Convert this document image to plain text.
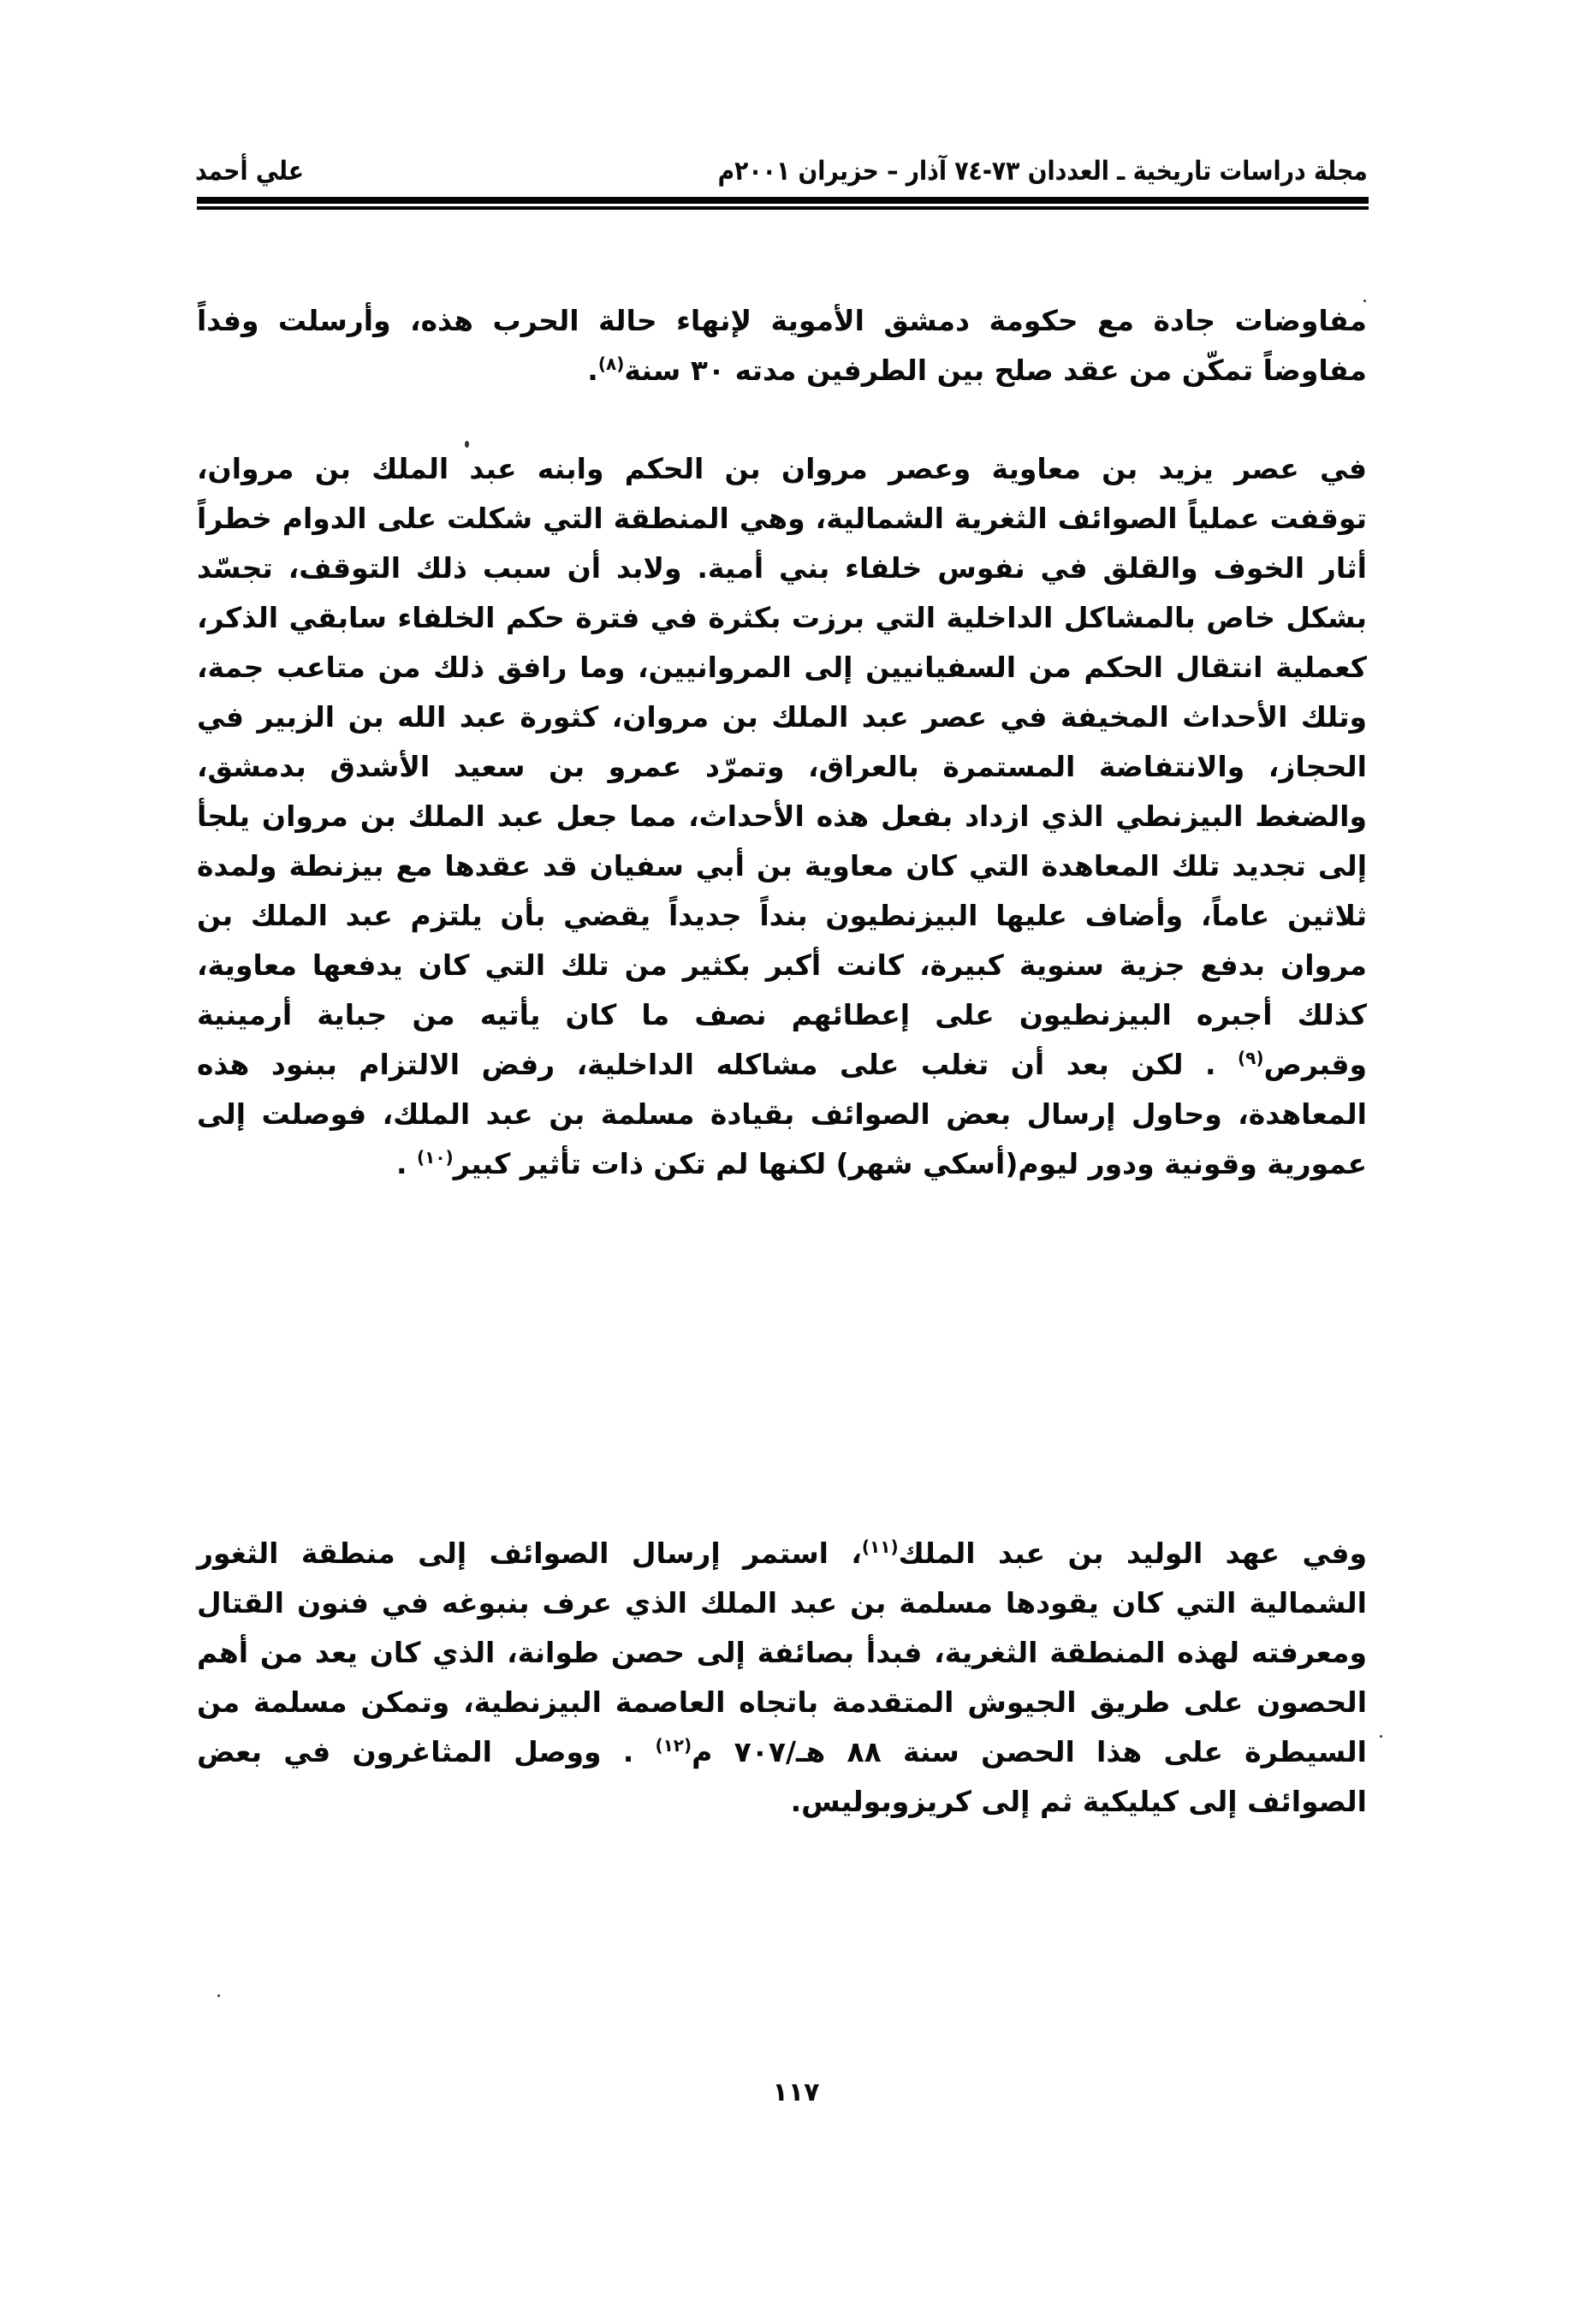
مجلة دراسات تاريخية ـ العددان ٧٣-٧٤ آذار – حزيران ٢٠٠١م
علي أحمد
مفاوضات جادة مع حكومة دمشق الأموية لإنهاء حالة الحرب هذه، وأرسلت وفداً
مفاوضاً تمكّن من عقد صلح بين الطرفين مدته ٣٠ سنة$^{(٨)}$.
في عصر يزيد بن معاوية وعصر مروان بن الحكم وابنه عبد الملك بن مروان،
توقفت عملياً الصوائف الثغرية الشمالية، وهي المنطقة التي شكلت على الدوام خطراً
أثار الخوف والقلق في نفوس خلفاء بني أمية. ولابد أن سبب ذلك التوقف، تجسّد
بشكل خاص بالمشاكل الداخلية التي برزت بكثرة في فترة حكم الخلفاء سابقي الذكر،
كعملية انتقال الحكم من السفيانيين إلى المروانيين، وما رافق ذلك من متاعب جمة،
وتلك الأحداث المخيفة في عصر عبد الملك بن مروان، كثورة عبد الله بن الزبير في
الحجاز، والانتفاضة المستمرة بالعراق، وتمرّد عمرو بن سعيد الأشدق بدمشق،
والضغط البيزنطي الذي ازداد بفعل هذه الأحداث، مما جعل عبد الملك بن مروان يلجأ
إلى تجديد تلك المعاهدة التي كان معاوية بن أبي سفيان قد عقدها مع بيزنطة ولمدة
ثلاثين عاماً، وأضاف عليها البيزنطيون بنداً جديداً يقضي بأن يلتزم عبد الملك بن
مروان بدفع جزية سنوية كبيرة، كانت أكبر بكثير من تلك التي كان يدفعها معاوية،
كذلك أجبره البيزنطيون على إعطائهم نصف ما كان يأتيه من جباية أرمينية
وقبرص$^{(٩)}$ . لكن بعد أن تغلب على مشاكله الداخلية، رفض الالتزام ببنود هذه
المعاهدة، وحاول إرسال بعض الصوائف بقيادة مسلمة بن عبد الملك، فوصلت إلى
عمورية وقونية ودور ليوم(أسكي شهر) لكنها لم تكن ذات تأثير كبير$^{(١٠)}$ .
وفي عهد الوليد بن عبد الملك$^{(١١)}$، استمر إرسال الصوائف إلى منطقة الثغور
الشمالية التي كان يقودها مسلمة بن عبد الملك الذي عرف بنبوغه في فنون القتال
ومعرفته لهذه المنطقة الثغرية، فبدأ بصائفة إلى حصن طوانة، الذي كان يعد من أهم
الحصون على طريق الجيوش المتقدمة باتجاه العاصمة البيزنطية، وتمكن مسلمة من
السيطرة على هذا الحصن سنة ٨٨ هـ/٧٠٧ م$^{(١٢)}$ . ووصل المثاغرون في بعض
الصوائف إلى كيليكية ثم إلى كريزوبوليس.
١١٧
